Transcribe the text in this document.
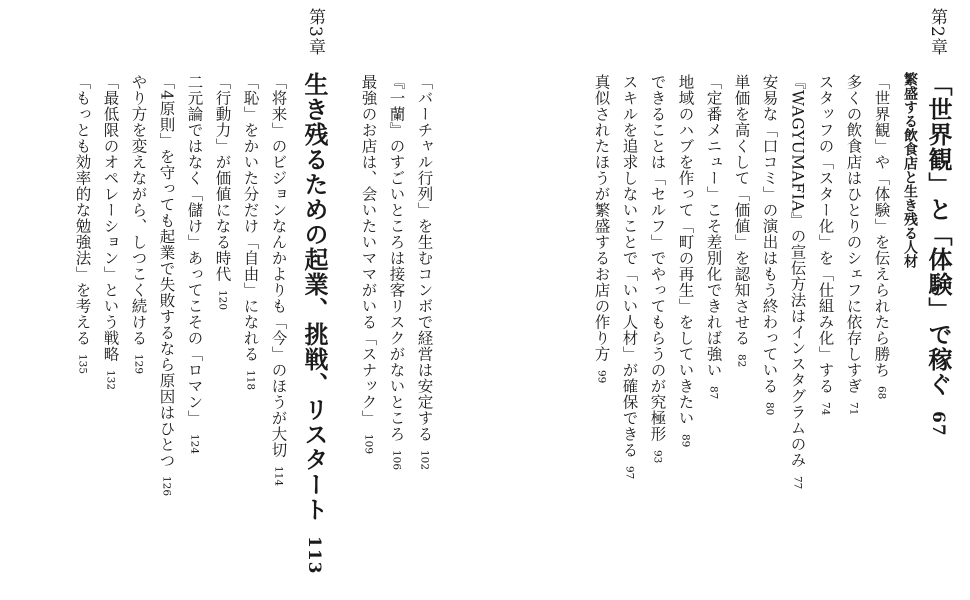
第2章
「世界観」と「体験」で稼ぐ67
繁盛する飲食店と生き残る人材
「世界観」や「体験」を伝えられたら勝ち68
多くの飲食店はひとりのシェフに依存しすぎ71
スタッフの「スター化」を「仕組み化」する74
『WAGYUMAFIA』の宣伝方法はインスタグラムのみ77
安易な「口コミ」の演出はもう終わっている80
単価を高くして「価値」を認知させる82
「定番メニュー」こそ差別化できれば強い87
地域のハブを作って「町の再生」をしていきたい89
できることは「セルフ」でやってもらうのが究極形93
スキルを追求しないことで「いい人材」が確保できる97
真似されたほうが繁盛するお店の作り方99
「バーチャル行列」を生むコンボで経営は安定する102
『一蘭』のすごいところは接客リスクがないところ106
最強のお店は、会いたいママがいる「スナック」109
第3章
生き残るための起業、挑戦、リスタート113
「将来」のビジョンなんかよりも「今」のほうが大切114
「恥」をかいた分だけ「自由」になれる118
「行動力」が価値になる時代120
二元論ではなく「儲け」あってこその「ロマン」124
「4原則」を守っても起業で失敗するなら原因はひとつ126
やり方を変えながら、しつこく続ける129
「最低限のオペレーション」という戦略132
「もっとも効率的な勉強法」を考える135
